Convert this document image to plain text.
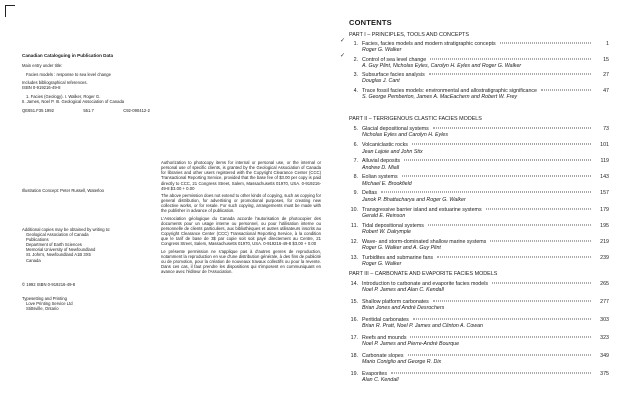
Canadian Cataloguing in Publication Data
Main entry under title:
Facies models : response to sea level change
Includes bibliographical references.
ISBN 0-919216-49-8
1. Facies (Geology). I. Walker, Roger G.
II. James, Noel P. III. Geological Association of Canada
QE651.F35 1992	551.7	C92-090412-2
Illustration Concept: Peter Russell, Waterloo
Additional copies may be obtained by writing to:
Geological Association of Canada
Publications
Department of Earth Sciences
Memorial University of Newfoundland
St. John's, Newfoundland A1B 3X5
Canada
© 1992 ISBN 0-919216-49-8
Typesetting and Printing
Love Printing Service Ltd
Stittsville, Ontario
Authorization to photocopy items for internal or personal use, or the internal or personal use of specific clients, is granted by the Geological Association of Canada for libraries and other users registered with the Copyright Clearance Center (CCC) Transactional Reporting Service, provided that the base fee of $3.00 per copy is paid directly to CCC, 21 Congress Street, Salem, Massachusetts 01970, USA. 0-919216-49-8 $3.00 + 0.00
The above permission does not extend to other kinds of copying, such as copying for general distribution, for advertising or promotional purposes, for creating new collective works, or for resale. For such copying, arrangements must be made with the publisher in advance of publication.
L'Association géologique du Canada accorde l'autorisation de photocopier des documents pour un usage interne ou personnel, ou pour l'utilisation interne ou personnelle de clients particuliers, aux bibliothèques et autres utilisateurs inscrits au Copyright Clearance Center (CCC) Transactional Reporting Service, à la condition que le tarif de base de 3$ par copie soit soit payé directement au Centre, 21 Congress Street, Salem, Massachusetts 01970, USA. 0-919216-49-8 $3.00 + 0.00
Le présente permission ne s'applique pas à d'autres genres de reproduction, notamment la reproduction en vue d'une distribution générale, à des fins de publicité ou de promotion, pour la création de nouveaux travaux collectifs ou pour la revente. Dans ces cas, il faut prendre les dispositions qui s'imposent en communiquant en avance avec l'éditeur de l'Association.
CONTENTS
PART I – PRINCIPLES, TOOLS AND CONCEPTS
✓
✓
1. Facies, facies models and modern stratigraphic concepts	1
Roger G. Walker
2. Control of sea level change	15
A. Guy Plint, Nicholas Eyles, Carolyn H. Eyles and Roger G. Walker
3. Subsurface facies analysis	27
Douglas J. Cant
4. Trace fossil facies models: environmental and allostratigraphic significance	47
S. George Pemberton, James A. MacEachern and Robert W. Frey
PART II – TERRIGENOUS CLASTIC FACIES MODELS
5. Glacial depositional systems	73
Nicholas Eyles and Carolyn H. Eyles
6. Volcaniclastic rocks	101
Jean Lajoie and John Stix
7. Alluvial deposits	119
Andrew D. Miall
8. Eolian systems	143
Michael E. Brookfield
9. Deltas	157
Janok P. Bhattacharya and Roger G. Walker
10. Transgressive barrier island and estuarine systems	179
Gerald E. Reinson
11. Tidal depositional systems	195
Robert W. Dalrymple
12. Wave- and storm-dominated shallow marine systems	219
Roger G. Walker and A. Guy Plint
13. Turbidites and submarine fans	239
Roger G. Walker
PART III – CARBONATE AND EVAPORITE FACIES MODELS
14. Introduction to carbonate and evaporite facies models	265
Noel P. James and Alan C. Kendall
15. Shallow platform carbonates	277
Brian Jones and André Desrochers
16. Peritidal carbonates	303
Brian R. Pratt, Noel P. James and Clinton A. Cowan
17. Reefs and mounds	323
Noel P. James and Pierre-André Bourque
18. Carbonate slopes	349
Mario Coniglio and George R. Dix
19. Evaporites	375
Alan C. Kendall
